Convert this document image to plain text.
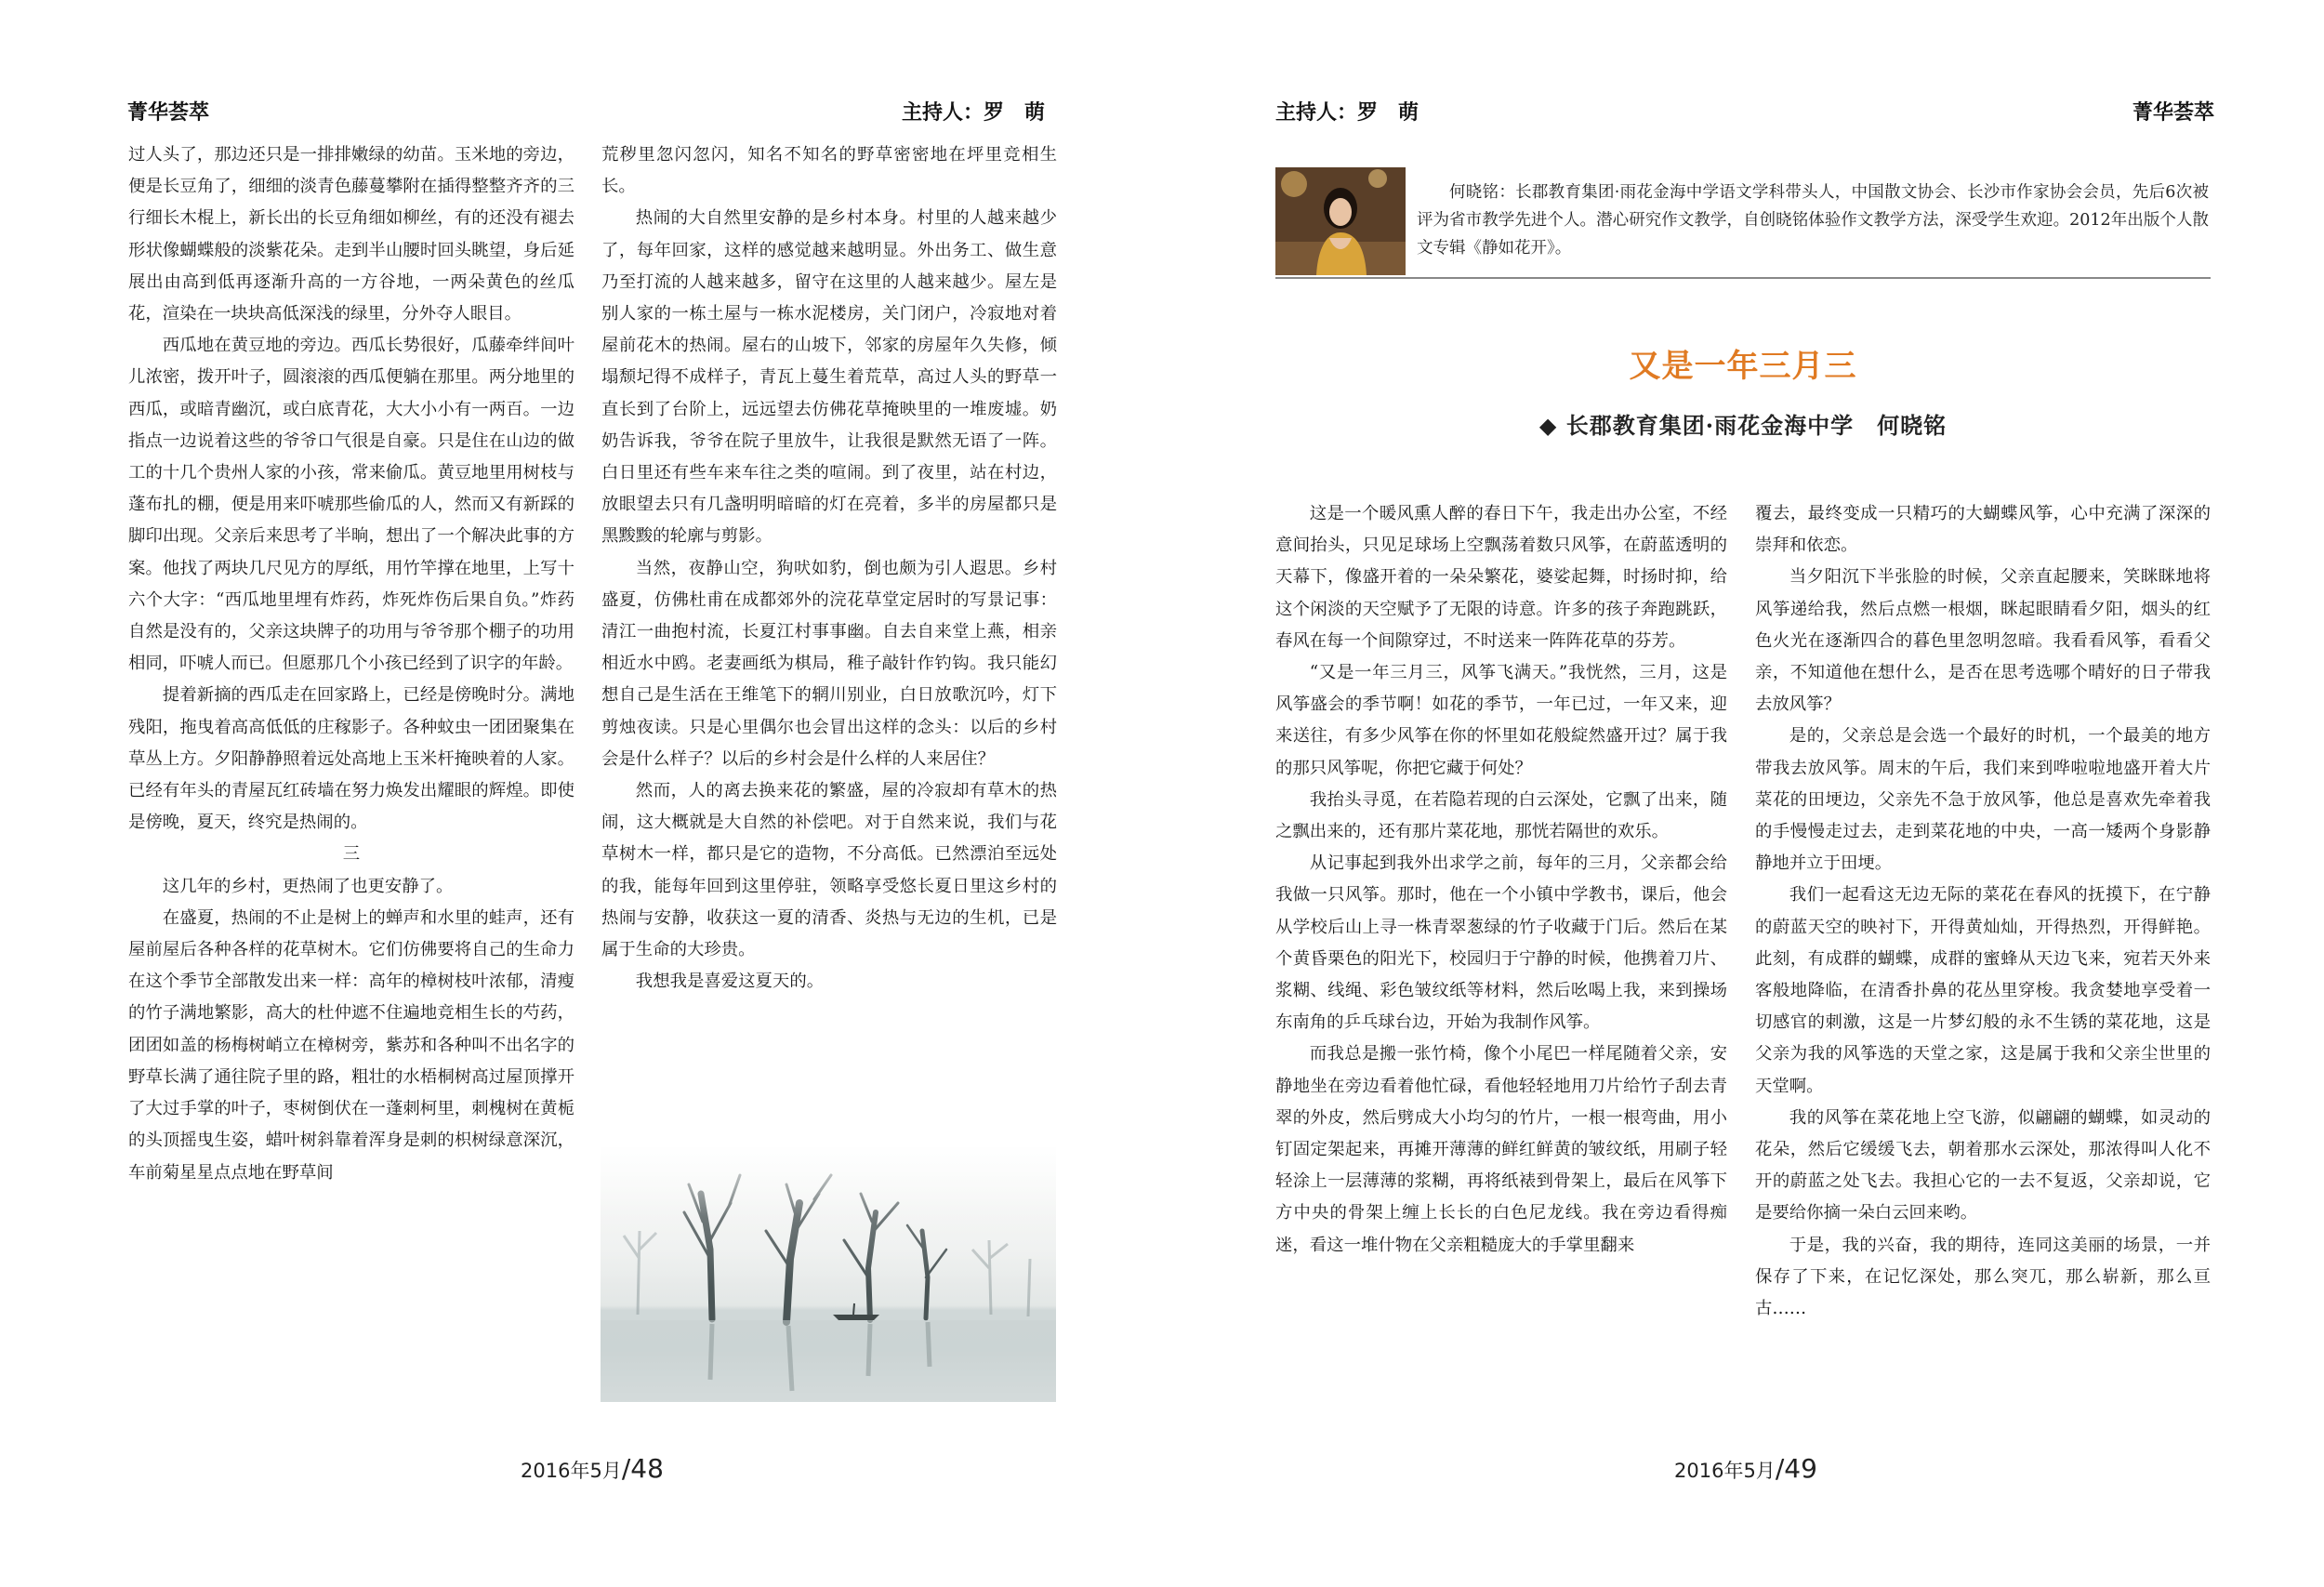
菁华荟萃	主持人：罗　萌

过人头了，那边还只是一排排嫩绿的幼苗。玉米地的旁边，便是长豆角了，细细的淡青色藤蔓攀附在插得整整齐齐的三行细长木棍上，新长出的长豆角细如柳丝，有的还没有褪去形状像蝴蝶般的淡紫花朵。走到半山腰时回头眺望，身后延展出由高到低再逐渐升高的一方谷地，一两朵黄色的丝瓜花，渲染在一块块高低深浅的绿里，分外夺人眼目。

西瓜地在黄豆地的旁边。西瓜长势很好，瓜藤牵绊间叶儿浓密，拨开叶子，圆滚滚的西瓜便躺在那里。两分地里的西瓜，或暗青幽沉，或白底青花，大大小小有一两百。一边指点一边说着这些的爷爷口气很是自豪。只是住在山边的做工的十几个贵州人家的小孩，常来偷瓜。黄豆地里用树枝与蓬布扎的棚，便是用来吓唬那些偷瓜的人，然而又有新踩的脚印出现。父亲后来思考了半晌，想出了一个解决此事的方案。他找了两块几尺见方的厚纸，用竹竿撑在地里，上写十六个大字：“西瓜地里埋有炸药，炸死炸伤后果自负。”炸药自然是没有的，父亲这块牌子的功用与爷爷那个棚子的功用相同，吓唬人而已。但愿那几个小孩已经到了识字的年龄。

提着新摘的西瓜走在回家路上，已经是傍晚时分。满地残阳，拖曳着高高低低的庄稼影子。各种蚊虫一团团聚集在草丛上方。夕阳静静照着远处高地上玉米杆掩映着的人家。已经有年头的青屋瓦红砖墙在努力焕发出耀眼的辉煌。即使是傍晚，夏天，终究是热闹的。

三

这几年的乡村，更热闹了也更安静了。

在盛夏，热闹的不止是树上的蝉声和水里的蛙声，还有屋前屋后各种各样的花草树木。它们仿佛要将自己的生命力在这个季节全部散发出来一样：高年的樟树枝叶浓郁，清瘦的竹子满地繁影，高大的杜仲遮不住遍地竞相生长的芍药，团团如盖的杨梅树峭立在樟树旁，紫苏和各种叫不出名字的野草长满了通往院子里的路，粗壮的水梧桐树高过屋顶撑开了大过手掌的叶子，枣树倒伏在一蓬刺柯里，刺槐树在黄栀的头顶摇曳生姿，蜡叶树斜靠着浑身是刺的枳树绿意深沉，车前菊星星点点地在野草间

荒秽里忽闪忽闪，知名不知名的野草密密地在坪里竞相生长。

热闹的大自然里安静的是乡村本身。村里的人越来越少了，每年回家，这样的感觉越来越明显。外出务工、做生意乃至打流的人越来越多，留守在这里的人越来越少。屋左是别人家的一栋土屋与一栋水泥楼房，关门闭户，冷寂地对着屋前花木的热闹。屋右的山坡下，邻家的房屋年久失修，倾塌颓圮得不成样子，青瓦上蔓生着荒草，高过人头的野草一直长到了台阶上，远远望去仿佛花草掩映里的一堆废墟。奶奶告诉我，爷爷在院子里放牛，让我很是默然无语了一阵。白日里还有些车来车往之类的喧闹。到了夜里，站在村边，放眼望去只有几盏明明暗暗的灯在亮着，多半的房屋都只是黑黢黢的轮廓与剪影。

当然，夜静山空，狗吠如豹，倒也颇为引人遐思。乡村盛夏，仿佛杜甫在成都郊外的浣花草堂定居时的写景记事：清江一曲抱村流，长夏江村事事幽。自去自来堂上燕，相亲相近水中鸥。老妻画纸为棋局，稚子敲针作钓钩。我只能幻想自己是生活在王维笔下的辋川别业，白日放歌沉吟，灯下剪烛夜读。只是心里偶尔也会冒出这样的念头：以后的乡村会是什么样子？以后的乡村会是什么样的人来居住？

然而，人的离去换来花的繁盛，屋的冷寂却有草木的热闹，这大概就是大自然的补偿吧。对于自然来说，我们与花草树木一样，都只是它的造物，不分高低。已然漂泊至远处的我，能每年回到这里停驻，领略享受悠长夏日里这乡村的热闹与安静，收获这一夏的清香、炎热与无边的生机，已是属于生命的大珍贵。

我想我是喜爱这夏天的。

2016年5月/48
主持人：罗　萌	菁华荟萃
何晓铭：长郡教育集团·雨花金海中学语文学科带头人，中国散文协会、长沙市作家协会会员，先后6次被评为省市教学先进个人。潜心研究作文教学，自创晓铭体验作文教学方法，深受学生欢迎。2012年出版个人散文专辑《静如花开》。
又是一年三月三
◆ 长郡教育集团·雨花金海中学　何晓铭

这是一个暖风熏人醉的春日下午，我走出办公室，不经意间抬头，只见足球场上空飘荡着数只风筝，在蔚蓝透明的天幕下，像盛开着的一朵朵繁花，婆娑起舞，时扬时抑，给这个闲淡的天空赋予了无限的诗意。许多的孩子奔跑跳跃，春风在每一个间隙穿过，不时送来一阵阵花草的芬芳。

“又是一年三月三，风筝飞满天。”我恍然，三月，这是风筝盛会的季节啊！如花的季节，一年已过，一年又来，迎来送往，有多少风筝在你的怀里如花般綻然盛开过？属于我的那只风筝呢，你把它藏于何处？

我抬头寻觅，在若隐若现的白云深处，它飘了出来，随之飘出来的，还有那片菜花地，那恍若隔世的欢乐。

从记事起到我外出求学之前，每年的三月，父亲都会给我做一只风筝。那时，他在一个小镇中学教书，课后，他会从学校后山上寻一株青翠葱绿的竹子收藏于门后。然后在某个黄昏栗色的阳光下，校园归于宁静的时候，他携着刀片、浆糊、线绳、彩色皱纹纸等材料，然后吆喝上我，来到操场东南角的乒乓球台边，开始为我制作风筝。

而我总是搬一张竹椅，像个小尾巴一样尾随着父亲，安静地坐在旁边看着他忙碌，看他轻轻地用刀片给竹子刮去青翠的外皮，然后劈成大小均匀的竹片，一根一根弯曲，用小钉固定架起来，再摊开薄薄的鲜红鲜黄的皱纹纸，用刷子轻轻涂上一层薄薄的浆糊，再将纸裱到骨架上，最后在风筝下方中央的骨架上缠上长长的白色尼龙线。我在旁边看得痴迷，看这一堆什物在父亲粗糙庞大的手掌里翻来

覆去，最终变成一只精巧的大蝴蝶风筝，心中充满了深深的崇拜和依恋。

当夕阳沉下半张脸的时候，父亲直起腰来，笑眯眯地将风筝递给我，然后点燃一根烟，眯起眼睛看夕阳，烟头的红色火光在逐渐四合的暮色里忽明忽暗。我看看风筝，看看父亲，不知道他在想什么，是否在思考选哪个晴好的日子带我去放风筝？

是的，父亲总是会选一个最好的时机，一个最美的地方带我去放风筝。周末的午后，我们来到哗啦啦地盛开着大片菜花的田埂边，父亲先不急于放风筝，他总是喜欢先牵着我的手慢慢走过去，走到菜花地的中央，一高一矮两个身影静静地并立于田埂。

我们一起看这无边无际的菜花在春风的抚摸下，在宁静的蔚蓝天空的映衬下，开得黄灿灿，开得热烈，开得鲜艳。此刻，有成群的蝴蝶，成群的蜜蜂从天边飞来，宛若天外来客般地降临，在清香扑鼻的花丛里穿梭。我贪婪地享受着一切感官的刺激，这是一片梦幻般的永不生锈的菜花地，这是父亲为我的风筝选的天堂之家，这是属于我和父亲尘世里的天堂啊。

我的风筝在菜花地上空飞游，似翩翩的蝴蝶，如灵动的花朵，然后它缓缓飞去，朝着那水云深处，那浓得叫人化不开的蔚蓝之处飞去。我担心它的一去不复返，父亲却说，它是要给你摘一朵白云回来哟。

于是，我的兴奋，我的期待，连同这美丽的场景，一并保存了下来，在记忆深处，那么突兀，那么崭新，那么亘古……

2016年5月/49
